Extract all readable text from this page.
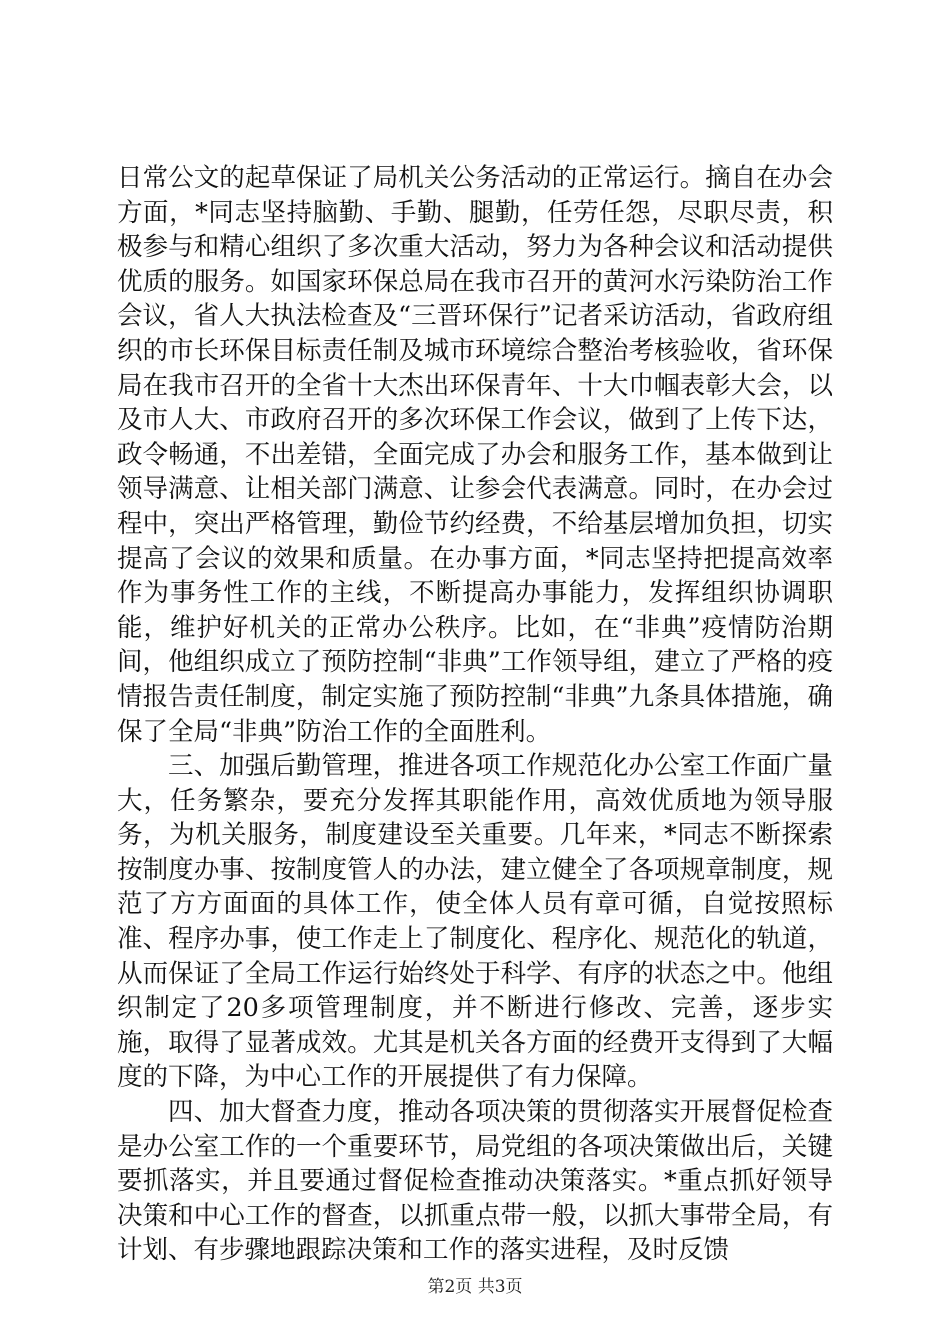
日常公文的起草保证了局机关公务活动的正常运行。摘自在办会方面，*同志坚持脑勤、手勤、腿勤，任劳任怨，尽职尽责，积极参与和精心组织了多次重大活动，努力为各种会议和活动提供优质的服务。如国家环保总局在我市召开的黄河水污染防治工作会议，省人大执法检查及“三晋环保行”记者采访活动，省政府组织的市长环保目标责任制及城市环境综合整治考核验收，省环保局在我市召开的全省十大杰出环保青年、十大巾帼表彰大会，以及市人大、市政府召开的多次环保工作会议，做到了上传下达，政令畅通，不出差错，全面完成了办会和服务工作，基本做到让领导满意、让相关部门满意、让参会代表满意。同时，在办会过程中，突出严格管理，勤俭节约经费，不给基层增加负担，切实提高了会议的效果和质量。在办事方面，*同志坚持把提高效率作为事务性工作的主线，不断提高办事能力，发挥组织协调职能，维护好机关的正常办公秩序。比如，在“非典”疫情防治期间，他组织成立了预防控制“非典”工作领导组，建立了严格的疫情报告责任制度，制定实施了预防控制“非典”九条具体措施，确保了全局“非典”防治工作的全面胜利。

三、加强后勤管理，推进各项工作规范化办公室工作面广量大，任务繁杂，要充分发挥其职能作用，高效优质地为领导服务，为机关服务，制度建设至关重要。几年来，*同志不断探索按制度办事、按制度管人的办法，建立健全了各项规章制度，规范了方方面面的具体工作，使全体人员有章可循，自觉按照标准、程序办事，使工作走上了制度化、程序化、规范化的轨道，从而保证了全局工作运行始终处于科学、有序的状态之中。他组织制定了20多项管理制度，并不断进行修改、完善，逐步实施，取得了显著成效。尤其是机关各方面的经费开支得到了大幅度的下降，为中心工作的开展提供了有力保障。

四、加大督查力度，推动各项决策的贯彻落实开展督促检查是办公室工作的一个重要环节，局党组的各项决策做出后，关键要抓落实，并且要通过督促检查推动决策落实。*重点抓好领导决策和中心工作的督查，以抓重点带一般，以抓大事带全局，有计划、有步骤地跟踪决策和工作的落实进程，及时反馈

第2页 共3页
